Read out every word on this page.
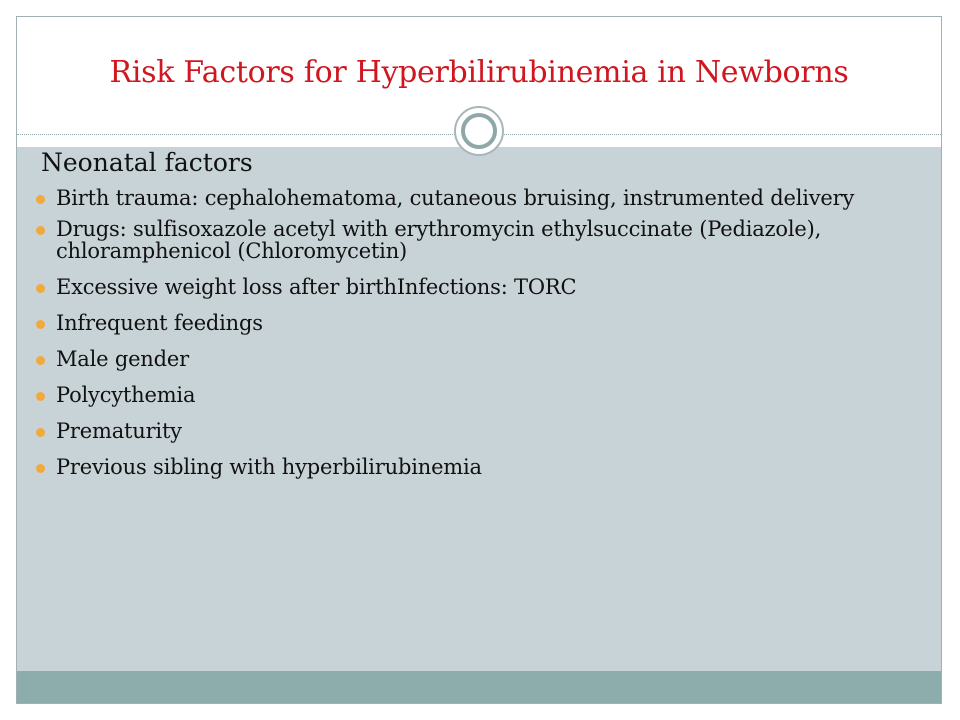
Risk Factors for Hyperbilirubinemia in Newborns
Neonatal factors
Birth trauma: cephalohematoma, cutaneous bruising, instrumented delivery
Drugs: sulfisoxazole acetyl with erythromycin ethylsuccinate (Pediazole), chloramphenicol (Chloromycetin)
Excessive weight loss after birthInfections: TORC
Infrequent feedings
Male gender
Polycythemia
Prematurity
Previous sibling with hyperbilirubinemia
